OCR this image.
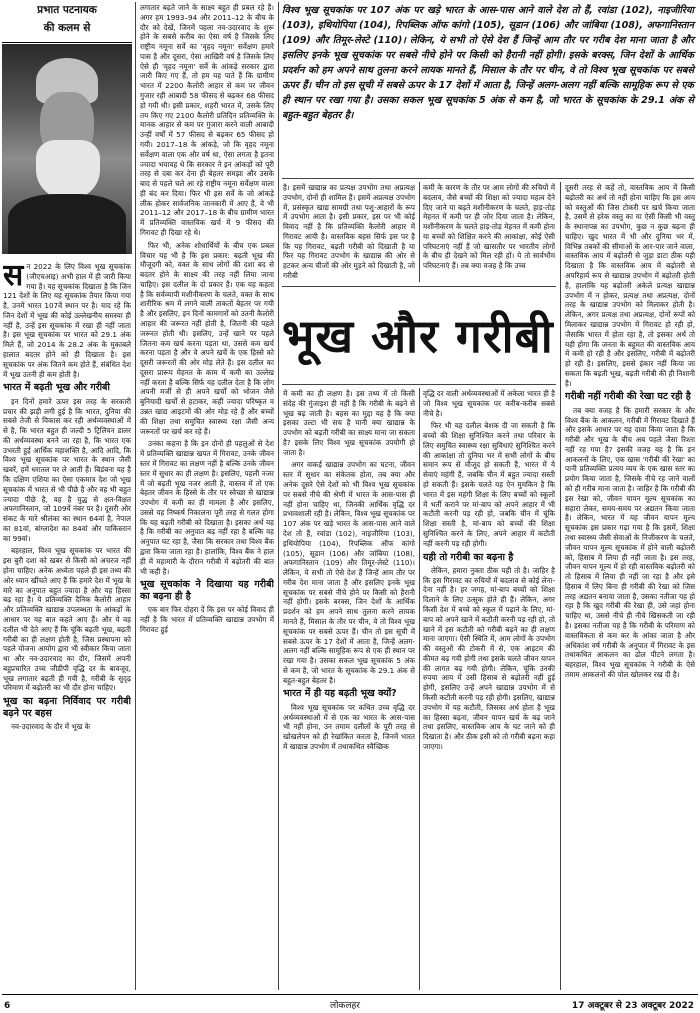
प्रभात पटनायक
की कलम से
स न 2022 के लिए विश्व भूख सूचकांक (जीएचआइ) अभी हाल में ही जारी किया गया है। यह सूचकांक दिखाता है कि जिन 121 देशों के लिए यह सूचकांक तैयार किया गया है, उनमें भारत 107वें स्थान पर है। याद रहे कि जिन देशों में भूख की कोई उल्लेखनीय समस्या ही नहीं है, उन्हें इस सूचकांक में रखा ही नहीं जाता है। इस भूख सूचकांक पर भारत को 29.1 अंक मिले हैं, जो 2014 के 28.2 अंक के मुकाबले हालात बदतर होने को ही दिखाता है। इस सूचकांक पर अंक जितने कम होते हैं, संबंधित देश में भूख उतनी ही कम होती है।
भारत में बढ़ती भूख और गरीबी

इन दिनों हमारे ऊपर इस तरह के सरकारी प्रचार की झड़ी लगी हुई है कि भारत, दुनिया की सबसे तेजी से विकास कर रही अर्थव्यवस्थाओं में से है, कि भारत बहुत ही जल्दी 5 ट्रिलियन डालर की अर्थव्यवस्था बनने जा रहा है, कि भारत एक उभरती हुई आर्थिक महाशक्ति है, आदि आदि, कि विश्व भूख सूचकांक पर भारत के स्थान जैसी खबरें, हमें धरातल पर ले आती हैं। बिडंबना यह है कि दक्षिण एशिया का ऐसा एकमात्र देश जो भूख सूचकांक में भारत से भी पीछे है और वह भी बहुत ज्यादा पीछे है, वह है युद्ध से क्षत-विक्षत अफगानिस्तान, जो 109वें नंबर पर है। दूसरी ओर संकट के मारे श्रीलंका का स्थान 64वां है, नेपाल का 81वां, बांग्लादेश का 84वां और पाकिस्तान का 99वां।

बहरहाल, विश्व भूख सूचकांक पर भारत की इस बुरी दशा को खबर से किसी को अचरज नहीं होना चाहिए। अनेक अध्येता पहले ही इस तथ्य की ओर ध्यान खींचते आए हैं कि हमारे देश में भूख के मारे का अनुपात बहुत ज्यादा है और यह हिस्सा बढ़ रहा है। ये प्रतिव्यक्ति दैनिक कैलोरी आहार और प्रतिव्यक्ति खाद्यान्न उपलब्धता के आंकड़ों के आधार पर यह बात कहते आए हैं। और ये वह दलील भी देते आए हैं कि चूंकि बढ़ती भूख, बढ़ती गरीबी का ही लक्षण होती है, जिस प्रस्थापना को पहले योजना आयोग द्वारा भी स्वीकार किया जाता था और नव-उदारवाद का दौर, जिसमें अपनी बहुप्रचारित उच्च जीडीपी वृद्धि दर के बावजूद, भूख लगातार बढ़ती ही गयी है, गरीबी के सुदृढ़ परिमाण में बढ़ोतरी का भी दौर होना चाहिए।

भूख का बढ़ना निर्विवाद पर गरीबी बढ़ने पर बहस

नव-उदारवाद के दौर में भूख के

लगातार बढ़ते जाने के साक्ष्य बहुत ही प्रबल रहे हैं। अगर हम 1993–94 और 2011–12 के बीच के दौर को देखें, जिनमें पहला नव-उदारवाद के शुरू होने के सबसे करीब का ऐसा वर्ष है जिसके लिए राष्ट्रीय नमूना सर्वे का 'वृहद नमूना' सर्वेक्षण हमारे पास है और दूसरा, ऐसा आखिरी वर्ष है जिसके लिए ऐसे ही 'वृहद नमूना' सर्वे के आंकड़े सरकार द्वारा जारी किए गए हैं, तो हम यह पाते हैं कि ग्रामीण भारत में 2200 कैलोरी आहार से कम पर जीवन गुजार रही आबादी 58 फीसद से बढ़कर 68 फीसद हो गयी थी। इसी प्रकार, शहरी भारत में, उसके लिए तय किए गए 2100 कैलोरी प्रतिदिन प्रतिव्यक्ति के मानक आहार से कम पर गुजारा करने वाली आबादी उन्हीं वर्षों में 57 फीसद से बढ़कर 65 फीसद हो गयी। 2017–18 के आंकड़े, जो कि वृहद नमूना सर्वेक्षण वाला एक और वर्ष था, ऐसा लगता है इतना ज्यादा भयावह थे कि सरकार ने इन आंकड़ों को पूरी तरह से दबा कर देना ही बेहतर समझा और उसके बाद से पहले चले आ रहे राष्ट्रीय नमूना सर्वेक्षण वाला ही बंद कर दिया। फिर भी इस सर्वे के जो आंकड़े लीक होकर सार्वजनिक जानकारी में आए हैं, वे भी 2011–12 और 2017–18 के बीच ग्रामीण भारत में प्रतिव्यक्ति वास्तविक खर्च में 9 फीसद की गिरावट ही दिखा रहे थे।

फिर भी, अनेक शोधार्थियों के बीच एक प्रबल विचार यह भी है कि इस प्रकार: बढ़ती भूख की मौजूदगी को, वक्त के साथ लोगों की दशा बद से बदतर होने के साक्ष्य की तरह नहीं लिया जाना चाहिए। इस दलील के दो प्रकार हैं। एक यह कहता है कि सर्वव्यापी मशीनीकरण के चलते, वक्त के साथ शारीरिक श्रम में लगने वाली ताकतों बेहतर पर गयी है और इसलिए, इन दिनों कामगारों को उतनी कैलोरी आहार की जरूरत नहीं होती है, जितनी की पहले जरूरत होती थी। इसलिए, उन्हें खाने पर पहले जितना कम खर्च करना पड़ता था, उससे कम खर्च करना पड़ता है और वे अपने खर्चे के एक हिस्से को दूसरी जरूरतों की ओर मोड़ लेते हैं। इस दलील का दूसरा प्रारूप मेहनत के काम में कमी का उल्लेख नहीं करता है बल्कि सिर्फ यह दलील देता है कि लोग अपनी मर्जी से ही अपने खर्चों को भोजन जैसे बुनियादी खर्चों से हटाकर, कहीं ज्यादा परिष्कृत व उन्नत खाद्य आइटमों की ओर मोड़ रहे हैं और बच्चों की शिक्षा तथा समुचित स्वास्थ्य रक्षा जैसी अन्य जरूरतों पर खर्च कर रहे हैं।

उनका कहना है कि इन दोनों ही पहलुओं से देश में प्रतिव्यक्ति खाद्यान्न खपत में गिरावट, उनके जीवन स्तर में गिरावट का लक्षण नहीं है बल्कि उनके जीवन स्तर में सुधार का ही लक्षण है। इसलिए, पहली नजर में जो बढ़ती भूख नजर आती है, वास्तव में तो एक बेहतर जीवन के हिस्से के तौर पर स्वेच्छा से खाद्यान्न उपभोग में कमी का ही मामला है और इसलिए, उससे यह निष्कर्ष निकालना पूरी तरह से गलत होगा कि यह बढ़ती गरीबी को दिखाता है। इसका अर्थ यह है कि गरीबी का अनुपात बढ़ नहीं रहा है बल्कि वह अनुपात घट रहा है, जैसा कि सरकार तथा विश्व बैंक द्वारा किया जाता रहा है। हालांकि, विश्व बैंक ने हाल ही में महामारी के दौरान गरीबी में बढ़ोतरी की बात भी कही है।

भूख सूचकांक ने दिखाया यह गरीबी का बढ़ना ही है

एक बार फिर दोहरा दें कि इस पर कोई विवाद ही नहीं है कि भारत में प्रतिव्यक्ति खाद्यान्न उपभोग में गिरावट हुई

विश्व भूख सूचकांक पर 107 अंक पर खड़े भारत के आस-पास आने वाले देश तो हैं, रवांडा (102), नाइजीरिया (103), इथियोपिया (104), रिपब्लिक ऑफ कांगो (105), सूडान (106) और जांबिया (108), अफगानिस्तान (109) और तिमूर-लेस्टे (110)। लेकिन, ये सभी तो ऐसे देश हैं जिन्हें आम तौर पर गरीब देश माना जाता है और इसलिए इनके भूख सूचकांक पर सबसे नीचे होने पर किसी को हैरानी नहीं होगी। इसके बरक्स, जिन देशों के आर्थिक प्रदर्शन को हम अपने साथ तुलना करने लायक मानते हैं, मिसाल के तौर पर चीन, वे तो विश्व भूख सूचकांक पर सबसे ऊपर हैं। चीन तो इस सूची में सबसे ऊपर के 17 देशों में आता है, जिन्हें अलग-अलग नहीं बल्कि सामूहिक रूप से एक ही स्थान पर रखा गया है। उसका सकल भूख सूचकांक 5 अंक से कम है, जो भारत के सूचकांक के 29.1 अंक से बहुत-बहुत बेहतर है।

है। इसमें खाद्यान्न का प्रत्यक्ष उपभोग तथा अप्रत्यक्ष उपभोग, दोनों ही शामिल हैं। इसमें अप्रत्यक्ष उपभोग में, प्रसंस्कृत खाद्य सामग्री तथा पशु-आहारों के रूप में उपभोग आता है। इसी प्रकार, इस पर भी कोई विवाद नहीं है कि प्रतिव्यक्ति कैलोरी आहार में गिरावट आयी है। वास्तविक बहस सिर्फ इस पर है कि यह गिरावट, बढ़ती गरीबी को दिखाती है या फिर यह गिरावट उपभोग के खाद्यान्न की ओर से हटकर अन्य चीजों की ओर मुड़ने को दिखाती है, जो गरीबी

कमी के कारण के तौर पर आम लोगों की रुचियों में बदलाव, जैसे बच्चों की शिक्षा को ज्यादा महत्व देने दिए जाने या बढ़ते मशीनीकरण के चलते, हाड़-तोड़ मेहनत में कमी पर ही जोर दिया जाता है। लेकिन, मशीनीकरण के चलते हाड़-तोड़ मेहनत में कमी होना या बच्चों को शिक्षित करने की आकांक्षा, कोई ऐसी परिघटनाएं नहीं हैं जो खासतौर पर भारतीय लोगों के बीच ही देखने को मिल रही हों। ये तो सार्वभौम परिघटनाएं हैं। तब क्या वजह है कि उच्च

दूसरी तरह से कहें तो, वास्तविक आय में किसी बढ़ोतरी का अर्थ तो नहीं होना चाहिए कि इस आय को वस्तुओं की जिस टोकरी पर खर्च किया जाता है, उसमें से हरेक वस्तु का या ऐसी किसी भी वस्तु के स्थानापन्न का उपभोग, कुछ न कुछ बढ़ना ही चाहिए। खुद भारत में भी और दुनिया भर में, विभिन्न तबकों की सीमाओं के आर-पार जाने वाला, वास्तविक आय में बढ़ोतरी से जुड़ा डाटा ठीक यही दिखाता है कि वास्तविक आय में बढ़ोतरी से अपरिहार्य रूप से खाद्यान्न उपभोग में बढ़ोतरी होती है, हालांकि यह बढ़ोतरी अकेले प्रत्यक्ष खाद्यान्न उपभोग में न होकर, प्रत्यक्ष तथा अप्रत्यक्ष, दोनों तरह के खाद्यान्न उपभोग को मिलाकर होती है। लेकिन, अगर प्रत्यक्ष तथा अप्रत्यक्ष, दोनों रूपों को मिलाकर खाद्यान्न उपभोग में गिरावट हो रही हो, जैसाकि भारत में होता रहा है, तो इसका अर्थ तो यही होगा कि जनता के बहुमत की वास्तविक आय में कमी हो रही है और इसलिए, गरीबी में बढ़ोतरी हो रही है। इसलिए, इससे इंकार नहीं किया जा सकता कि बढ़ती भूख, बढ़ती गरीबी की ही निशानी है।

गरीबी नहीं गरीबी की रेखा घट रही है

तब क्या वजह है कि हमारी सरकार के और विश्व बैंक के आकलन, गरीबी में गिरावट दिखाते हैं और इसके आधार पर यह दावा किया जाता है कि गरीबी और भूख के बीच अब पहले जैसा रिश्ता नहीं रह गया है? इसकी वजह यह है कि इन आकलनों के लिए, एक खास 'गरीबी की रेखा' का पानी प्रतिव्यक्ति प्रत्यय व्यय के एक खास स्तर का प्रयोग किया जाता है, जिसके नीचे रह जाने वालों को ही गरीब माना जाता है। जाहिर है कि गरीबी की इस रेखा को, जीवन यापन मूल्य सूचकांक का सहारा लेकर, समय-समय पर अद्यतन किया जाता है। लेकिन, भारत में यह जीवन यापन मूल्य सूचकांक इस प्रकार गढ़ा गया है कि इसमें, शिक्षा तथा स्वास्थ्य जैसी सेवाओं के निजीकरण के चलते, जीवन यापन मूल्य सूचकांक में होने वाली बढ़ोतरी को, हिसाब में लिया ही नहीं जाता है। इस तरह, जीवन यापन मूल्य में हो रही वास्तविक बढ़ोतरी को तो हिसाब में लिया ही नहीं जा रहा है और इसे हिसाब में लिए बिना ही गरीबी की रेखा को जिस तरह अद्यतन बनाया जाता है, उसका नतीजा यह हो रहा है कि खुद गरीबी की रेखा ही, उसे जहां होना चाहिए था, उससे नीचे ही नीचे खिसकती जा रही है। इसका नतीजा यह है कि गरीबी के परिमाण को वास्तविकता से कम कर के आंका जाता है और अधिकांश वर्ष गरीबी के अनुपात में गिरावट के इस तथाकथित आकलन का ढोल पीटने लगता है। बहरहाल, विश्व भूख सूचकांक ने गरीबी के ऐसे तमाम आकलनों की पोल खोलकर रख दी है।

भूख और गरीबी

में कमी का ही लक्षण है। इस तथ्य में तो किसी संदेह की गुंजाइश ही नहीं है कि गरीबी के बढ़ने से भूख बढ़ जाती है। बहस का मुद्दा यह है कि क्या इसका उल्टा भी सच है यानी क्या खाद्यान्न के उपभोग को बढ़ती गरीबी का साक्ष्य माना जा सकता है? इसके लिए विश्व भूख सूचकांक उपयोगी हो जाता है।

अगर वाकई खाद्यान्न उपभोग का घटना, जीवन स्तर में सुधार का संकेतक होता, तब क्या और अनेक दूसरे ऐसे देशों को भी विश्व भूख सूचकांक पर सबसे नीचे की श्रेणी में भारत के आस-पास ही नहीं होना चाहिए था, जिनकी आर्थिक वृद्धि दर प्रभावशाली रही है। लेकिन, विश्व भूख सूचकांक पर 107 अंक पर खड़े भारत के आस-पास आने वाले देश तो हैं, रवांडा (102), नाइजीरिया (103), इथियोपिया (104), रिपब्लिक ऑफ कांगो (105), सूडान (106) और जांबिया (108), अफगानिस्तान (109) और तिमूर-लेस्टे (110)। लेकिन, ये सभी तो ऐसे देश हैं जिन्हें आम तौर पर गरीब देश माना जाता है और इसलिए इनके भूख सूचकांक पर सबसे नीचे होने पर किसी को हैरानी नहीं होगी। इसके बरक्स, जिन देशों के आर्थिक प्रदर्शन को हम अपने साथ तुलना करने लायक मानते हैं, मिसाल के तौर पर चीन, वे तो विश्व भूख सूचकांक पर सबसे ऊपर हैं। चीन तो इस सूची में सबसे ऊपर के 17 देशों में आता है, जिन्हें अलग-अलग नहीं बल्कि सामूहिक रूप से एक ही स्थान पर रखा गया है। उसका सकल भूख सूचकांक 5 अंक से कम है, जो भारत के सूचकांक के 29.1 अंक से बहुत-बहुत बेहतर है।

भारत में ही यह बढ़ती भूख क्यों?

विश्व भूख सूचकांक पर कथित उच्च वृद्धि दर अर्थव्यवस्थाओं में से एक का भारत के आस-पास भी नहीं होना, उन तमाम दलीलों के पूरी तरह से खोखलेपन को ही रेखांकित करता है, जिनमें भारत में खाद्यान्न उपभोग में तथाकथित स्वैच्छिक

वृद्धि दर वाली अर्थव्यवस्थाओं में अकेला भारत ही है जो विश्व भूख सूचकांक पर करीब-करीब सबसे नीचे है।

फिर भी यह दलील बेशक दी जा सकती है कि बच्चों की शिक्षा सुनिश्चित करने तथा परिवार के लिए समुचित स्वास्थ्य रक्षा सुविधाएं सुनिश्चित करने की आकांक्षा तो दुनिया भर में सभी लोगों के बीच समान रूप से मौजूद हो सकती है, भारत में ये सेवाएं महंगी हैं, जबकि चीन में बहुत ज्यादा सस्ती हो सकती हैं। इसके चलते यह ऐन मुमकिन है कि भारत में इस महंगी शिक्षा के लिए बच्चों को स्कूलों में भर्ती कराने पर मां-बाप को अपने आहार में भी कटौती करनी पड़ रही हो, जबकि चीन में चूंकि शिक्षा सस्ती है, मां-बाप को बच्चों की शिक्षा सुनिश्चित करने के लिए, अपने आहार में कटौती नहीं करनी पड़ रही होगी।

यही तो गरीबी का बढ़ना है

लेकिन, हमारा नुक्ता ठीक यही तो है। जाहिर है कि इस गिरावट का रुचियों में बदलाव से कोई लेना-देना नहीं है। हर जगह, मां-बाप बच्चों को शिक्षा दिलाने के लिए उत्सुक होते ही हैं। लेकिन, अगर किसी देश में बच्चे को स्कूल में पढ़ाने के लिए, मां-बाप को अपने खाने में कटौती करनी पड़ रही हो, तो खाने में इस कटौती को गरीबी बढ़ने का ही लक्षण माना जाएगा। ऐसी स्थिति में, आम लोगों के उपभोग की वस्तुओं की टोकरी में से, एक आइटम की कीमत बढ़ गयी होगी तथा इसके चलते जीवन यापन की लागत बढ़ गयी होगी। लेकिन, चूंकि उनकी रुपया आय में उसी हिसाब से बढ़ोतरी नहीं हुई होगी, इसलिए उन्हें अपने खाद्यान्न उपभोग में से किसी कटौती करनी पड़ रही होगी। इसलिए, खाद्यान्न उपभोग में यह कटौती, जिसका अर्थ होता है भूख का हिस्सा बढ़ना, जीवन यापन खर्च के बढ़ जाने तथा इसलिए, वास्तविक आय के घट जाने को ही दिखाता है। और ठीक इसी को तो गरीबी बढ़ना कहा जाएगा।

6	लोकलहर	17 अक्टूबर से 23 अक्टूबर 2022
